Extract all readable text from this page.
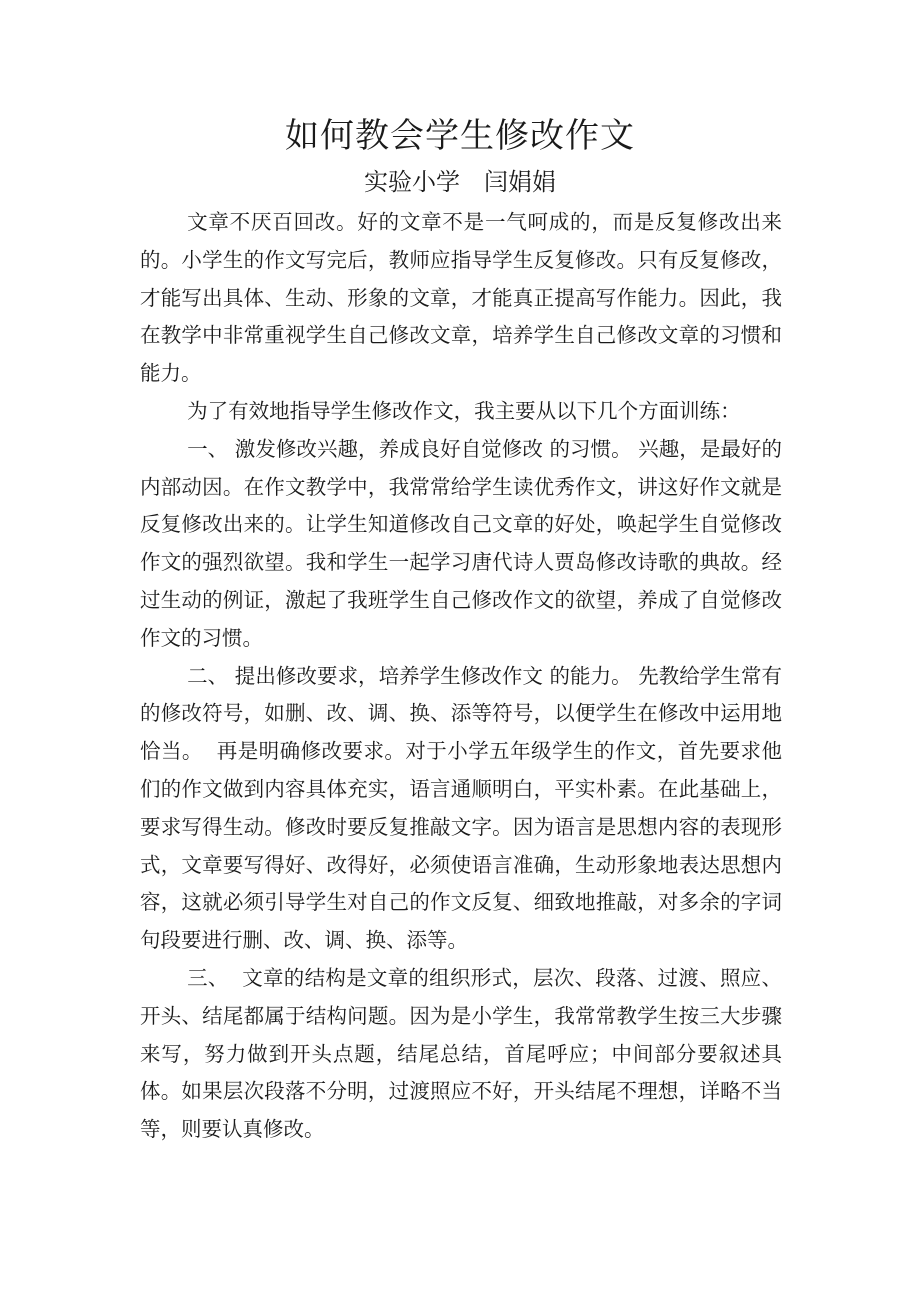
如何教会学生修改作文
实验小学　闫娟娟

文章不厌百回改。好的文章不是一气呵成的，而是反复修改出来的。小学生的作文写完后，教师应指导学生反复修改。只有反复修改，才能写出具体、生动、形象的文章，才能真正提高写作能力。因此，我在教学中非常重视学生自己修改文章，培养学生自己修改文章的习惯和能力。

为了有效地指导学生修改作文，我主要从以下几个方面训练：

一、 激发修改兴趣，养成良好自觉修改 的习惯。 兴趣，是最好的内部动因。在作文教学中，我常常给学生读优秀作文，讲这好作文就是反复修改出来的。让学生知道修改自己文章的好处，唤起学生自觉修改作文的强烈欲望。我和学生一起学习唐代诗人贾岛修改诗歌的典故。经过生动的例证，激起了我班学生自己修改作文的欲望，养成了自觉修改作文的习惯。

二、 提出修改要求，培养学生修改作文 的能力。 先教给学生常有的修改符号，如删、改、调、换、添等符号，以便学生在修改中运用地恰当。  再是明确修改要求。对于小学五年级学生的作文，首先要求他们的作文做到内容具体充实，语言通顺明白，平实朴素。在此基础上，要求写得生动。修改时要反复推敲文字。因为语言是思想内容的表现形式，文章要写得好、改得好，必须使语言准确，生动形象地表达思想内容，这就必须引导学生对自己的作文反复、细致地推敲，对多余的字词句段要进行删、改、调、换、添等。

三、  文章的结构是文章的组织形式，层次、段落、过渡、照应、开头、结尾都属于结构问题。因为是小学生，我常常教学生按三大步骤来写，努力做到开头点题，结尾总结，首尾呼应；中间部分要叙述具体。如果层次段落不分明，过渡照应不好，开头结尾不理想，详略不当等，则要认真修改。
